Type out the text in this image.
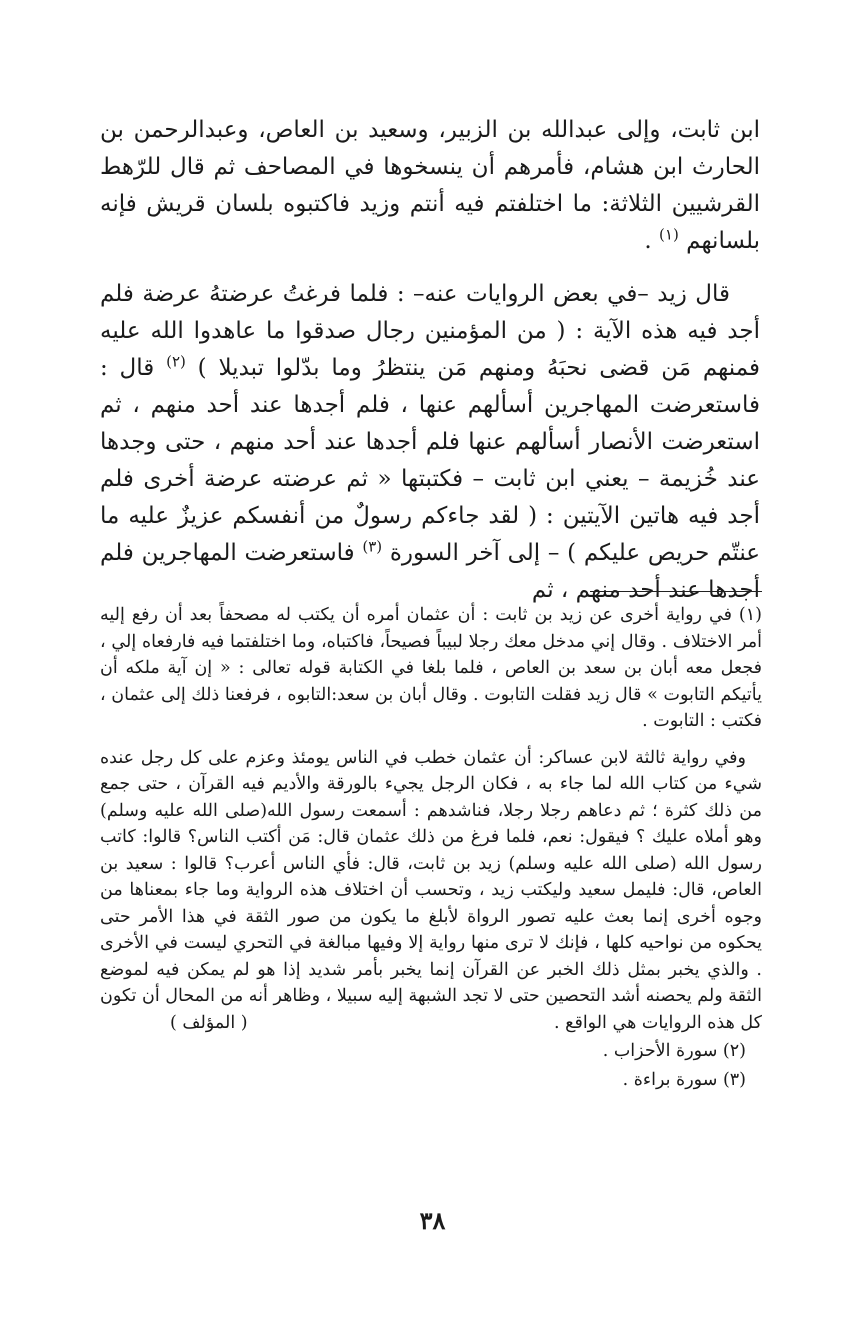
ابن ثابت، وإلى عبدالله بن الزبير، وسعيد بن العاص، وعبدالرحمن بن الحارث ابن هشام، فأمرهم أن ينسخوها في المصاحف ثم قال للرّهط القرشيين الثلاثة: ما اختلفتم فيه أنتم وزيد فاكتبوه بلسان قريش فإنه بلسانهم $^{(١)}$ .

قال زيد –في بعض الروايات عنه– : فلما فرغتُ عرضتهُ عرضة فلم أجد فيه هذه الآية : ( من المؤمنين رجال صدقوا ما عاهدوا الله عليه فمنهم مَن قضى نحبَهُ ومنهم مَن ينتظرُ وما بدّلوا تبديلا ) $^{(٢)}$ قال : فاستعرضت المهاجرين أسألهم عنها ، فلم أجدها عند أحد منهم ، ثم استعرضت الأنصار أسألهم عنها فلم أجدها عند أحد منهم ، حتى وجدها عند خُزيمة – يعني ابن ثابت – فكتبتها « ثم عرضته عرضة أخرى فلم أجد فيه هاتين الآيتين : ( لقد جاءكم رسولٌ من أنفسكم عزيزٌ عليه ما عنتّم حريص عليكم ) – إلى آخر السورة $^{(٣)}$ فاستعرضت المهاجرين فلم أجدها عند أحد منهم ، ثم

(١) في رواية أخرى عن زيد بن ثابت : أن عثمان أمره أن يكتب له مصحفاً بعد أن رفع إليه أمر الاختلاف . وقال إني مدخل معك رجلا لبيباً فصيحاً، فاكتباه، وما اختلفتما فيه فارفعاه إلي ، فجعل معه أبان بن سعد بن العاص ، فلما بلغا في الكتابة قوله تعالى : « إن آية ملكه أن يأتيكم التابوت » قال زيد فقلت التابوت . وقال أبان بن سعد:التابوه ، فرفعنا ذلك إلى عثمان ، فكتب : التابوت .

وفي رواية ثالثة لابن عساكر: أن عثمان خطب في الناس يومئذ وعزم على كل رجل عنده شيء من كتاب الله لما جاء به ، فكان الرجل يجيء بالورقة والأديم فيه القرآن ، حتى جمع من ذلك كثرة ؛ ثم دعاهم رجلا رجلا، فناشدهم : أسمعت رسول الله(صلى الله عليه وسلم) وهو أملاه عليك ؟ فيقول: نعم، فلما فرغ من ذلك عثمان قال: مَن أكتب الناس؟ قالوا: كاتب رسول الله (صلى الله عليه وسلم) زيد بن ثابت، قال: فأي الناس أعرب؟ قالوا : سعيد بن العاص، قال: فليمل سعيد وليكتب زيد ، وتحسب أن اختلاف هذه الرواية وما جاء بمعناها من وجوه أخرى إنما بعث عليه تصور الرواة لأبلغ ما يكون من صور الثقة في هذا الأمر حتى يحكوه من نواحيه كلها ، فإنك لا ترى منها رواية إلا وفيها مبالغة في التحري ليست في الأخرى . والذي يخبر بمثل ذلك الخبر عن القرآن إنما يخبر بأمر شديد إذا هو لم يمكن فيه لموضع الثقة ولم يحصنه أشد التحصين حتى لا تجد الشبهة إليه سبيلا ، وظاهر أنه من المحال أن تكون كل هذه الروايات هي الواقع .
( المؤلف )

(٢) سورة الأحزاب .

(٣) سورة براءة .

٣٨
